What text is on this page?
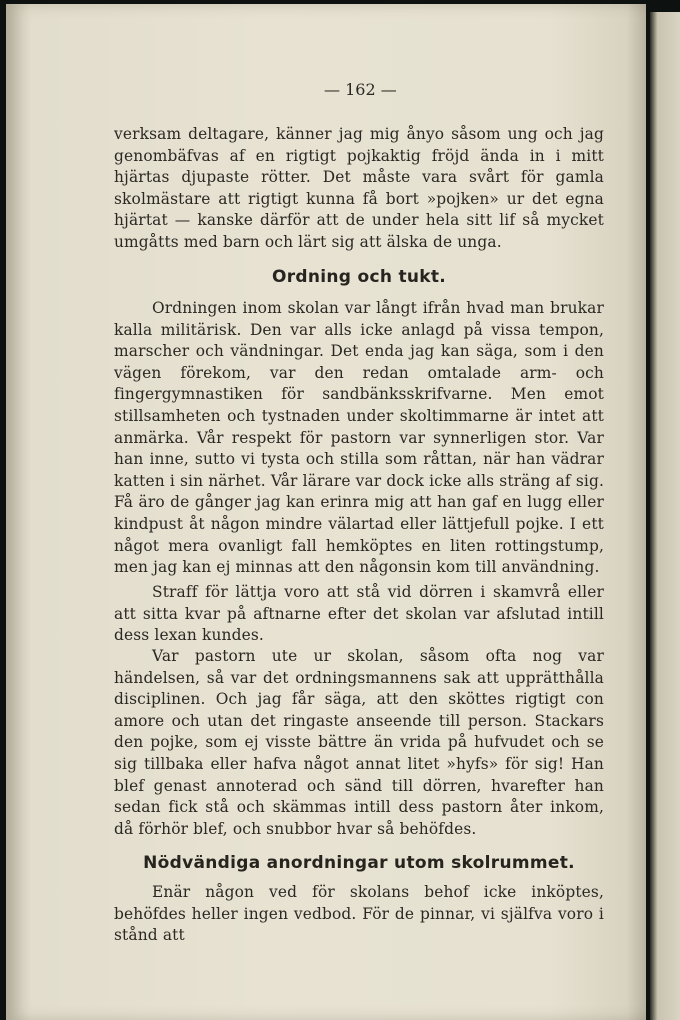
— 162 —

verksam deltagare, känner jag mig ånyo såsom ung och jag genombäfvas af en rigtigt pojkaktig fröjd ända in i mitt hjärtas djupaste rötter. Det måste vara svårt för gamla skolmästare att rigtigt kunna få bort »pojken» ur det egna hjärtat — kanske därför att de under hela sitt lif så mycket umgåtts med barn och lärt sig att älska de unga.

Ordning och tukt.

Ordningen inom skolan var långt ifrån hvad man brukar kalla militärisk. Den var alls icke anlagd på vissa tempon, marscher och vändningar. Det enda jag kan säga, som i den vägen förekom, var den redan omtalade arm- och fingergymnastiken för sandbänksskrifvarne. Men emot stillsamheten och tystnaden under skoltimmarne är intet att anmärka. Vår respekt för pastorn var synnerligen stor. Var han inne, sutto vi tysta och stilla som råttan, när han vädrar katten i sin närhet. Vår lärare var dock icke alls sträng af sig. Få äro de gånger jag kan erinra mig att han gaf en lugg eller kindpust åt någon mindre välartad eller lättjefull pojke. I ett något mera ovanligt fall hemköptes en liten rottingstump, men jag kan ej minnas att den någonsin kom till användning.

Straff för lättja voro att stå vid dörren i skamvrå eller att sitta kvar på aftnarne efter det skolan var afslutad intill dess lexan kundes.

Var pastorn ute ur skolan, såsom ofta nog var händelsen, så var det ordningsmannens sak att upprätthålla disciplinen. Och jag får säga, att den sköttes rigtigt con amore och utan det ringaste anseende till person. Stackars den pojke, som ej visste bättre än vrida på hufvudet och se sig tillbaka eller hafva något annat litet »hyfs» för sig! Han blef genast annoterad och sänd till dörren, hvarefter han sedan fick stå och skämmas intill dess pastorn åter inkom, då förhör blef, och snubbor hvar så behöfdes.

Nödvändiga anordningar utom skolrummet.

Enär någon ved för skolans behof icke inköptes, behöfdes heller ingen vedbod. För de pinnar, vi själfva voro i stånd att
